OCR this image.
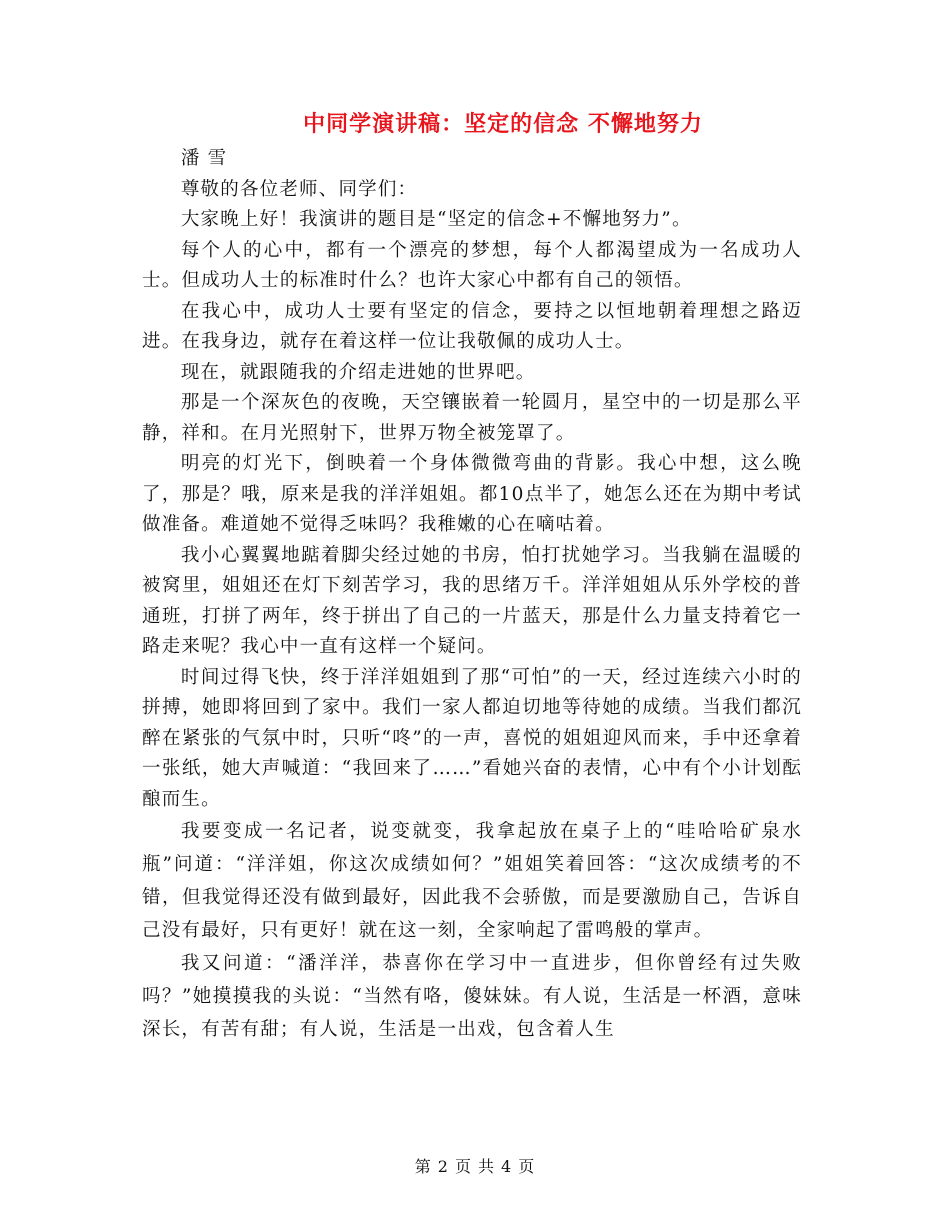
中同学演讲稿：坚定的信念 不懈地努力

潘 雪

尊敬的各位老师、同学们：

大家晚上好！我演讲的题目是“坚定的信念+不懈地努力”。

每个人的心中，都有一个漂亮的梦想，每个人都渴望成为一名成功人士。但成功人士的标准时什么？也许大家心中都有自己的领悟。

在我心中，成功人士要有坚定的信念，要持之以恒地朝着理想之路迈进。在我身边，就存在着这样一位让我敬佩的成功人士。

现在，就跟随我的介绍走进她的世界吧。

那是一个深灰色的夜晚，天空镶嵌着一轮圆月，星空中的一切是那么平静，祥和。在月光照射下，世界万物全被笼罩了。

明亮的灯光下，倒映着一个身体微微弯曲的背影。我心中想，这么晚了，那是？哦，原来是我的洋洋姐姐。都10点半了，她怎么还在为期中考试做准备。难道她不觉得乏味吗？我稚嫩的心在嘀咕着。

我小心翼翼地踮着脚尖经过她的书房，怕打扰她学习。当我躺在温暖的被窝里，姐姐还在灯下刻苦学习，我的思绪万千。洋洋姐姐从乐外学校的普通班，打拼了两年，终于拼出了自己的一片蓝天，那是什么力量支持着它一路走来呢？我心中一直有这样一个疑问。

时间过得飞快，终于洋洋姐姐到了那“可怕”的一天，经过连续六小时的拼搏，她即将回到了家中。我们一家人都迫切地等待她的成绩。当我们都沉醉在紧张的气氛中时，只听“咚”的一声，喜悦的姐姐迎风而来，手中还拿着一张纸，她大声喊道：“我回来了……”看她兴奋的表情，心中有个小计划酝酿而生。

我要变成一名记者，说变就变，我拿起放在桌子上的“哇哈哈矿泉水瓶”问道：“洋洋姐，你这次成绩如何？”姐姐笑着回答：“这次成绩考的不错，但我觉得还没有做到最好，因此我不会骄傲，而是要激励自己，告诉自己没有最好，只有更好！就在这一刻，全家响起了雷鸣般的掌声。

我又问道：“潘洋洋，恭喜你在学习中一直进步，但你曾经有过失败吗？”她摸摸我的头说：“当然有咯，傻妹妹。有人说，生活是一杯酒，意味深长，有苦有甜；有人说，生活是一出戏，包含着人生

第 2 页 共 4 页
